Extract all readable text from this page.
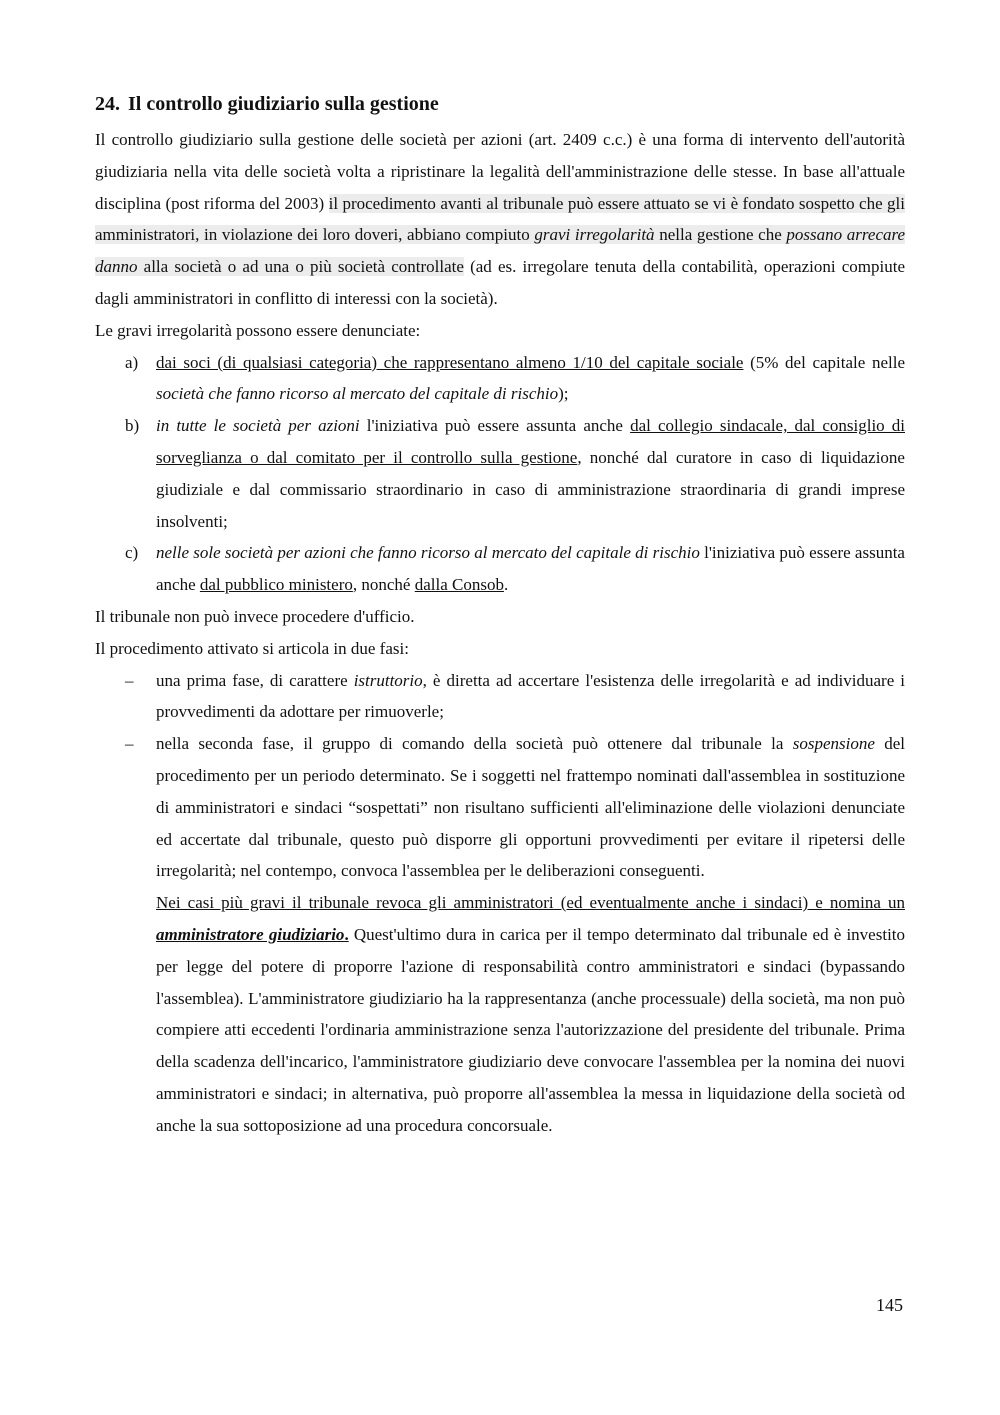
24. Il controllo giudiziario sulla gestione

Il controllo giudiziario sulla gestione delle società per azioni (art. 2409 c.c.) è una forma di intervento dell'autorità giudiziaria nella vita delle società volta a ripristinare la legalità dell'amministrazione delle stesse. In base all'attuale disciplina (post riforma del 2003) il procedimento avanti al tribunale può essere attuato se vi è fondato sospetto che gli amministratori, in violazione dei loro doveri, abbiano compiuto gravi irregolarità nella gestione che possano arrecare danno alla società o ad una o più società controllate (ad es. irregolare tenuta della contabilità, operazioni compiute dagli amministratori in conflitto di interessi con la società).

Le gravi irregolarità possono essere denunciate:

a) dai soci (di qualsiasi categoria) che rappresentano almeno 1/10 del capitale sociale (5% del capitale nelle società che fanno ricorso al mercato del capitale di rischio);

b) in tutte le società per azioni l'iniziativa può essere assunta anche dal collegio sindacale, dal consiglio di sorveglianza o dal comitato per il controllo sulla gestione, nonché dal curatore in caso di liquidazione giudiziale e dal commissario straordinario in caso di amministrazione straordinaria di grandi imprese insolventi;

c) nelle sole società per azioni che fanno ricorso al mercato del capitale di rischio l'iniziativa può essere assunta anche dal pubblico ministero, nonché dalla Consob.

Il tribunale non può invece procedere d'ufficio.

Il procedimento attivato si articola in due fasi:

– una prima fase, di carattere istruttorio, è diretta ad accertare l'esistenza delle irregolarità e ad individuare i provvedimenti da adottare per rimuoverle;

– nella seconda fase, il gruppo di comando della società può ottenere dal tribunale la sospensione del procedimento per un periodo determinato. Se i soggetti nel frattempo nominati dall'assemblea in sostituzione di amministratori e sindaci “sospettati” non risultano sufficienti all'eliminazione delle violazioni denunciate ed accertate dal tribunale, questo può disporre gli opportuni provvedimenti per evitare il ripetersi delle irregolarità; nel contempo, convoca l'assemblea per le deliberazioni conseguenti.

Nei casi più gravi il tribunale revoca gli amministratori (ed eventualmente anche i sindaci) e nomina un amministratore giudiziario. Quest'ultimo dura in carica per il tempo determinato dal tribunale ed è investito per legge del potere di proporre l'azione di responsabilità contro amministratori e sindaci (bypassando l'assemblea). L'amministratore giudiziario ha la rappresentanza (anche processuale) della società, ma non può compiere atti eccedenti l'ordinaria amministrazione senza l'autorizzazione del presidente del tribunale. Prima della scadenza dell'incarico, l'amministratore giudiziario deve convocare l'assemblea per la nomina dei nuovi amministratori e sindaci; in alternativa, può proporre all'assemblea la messa in liquidazione della società od anche la sua sottoposizione ad una procedura concorsuale.

145
